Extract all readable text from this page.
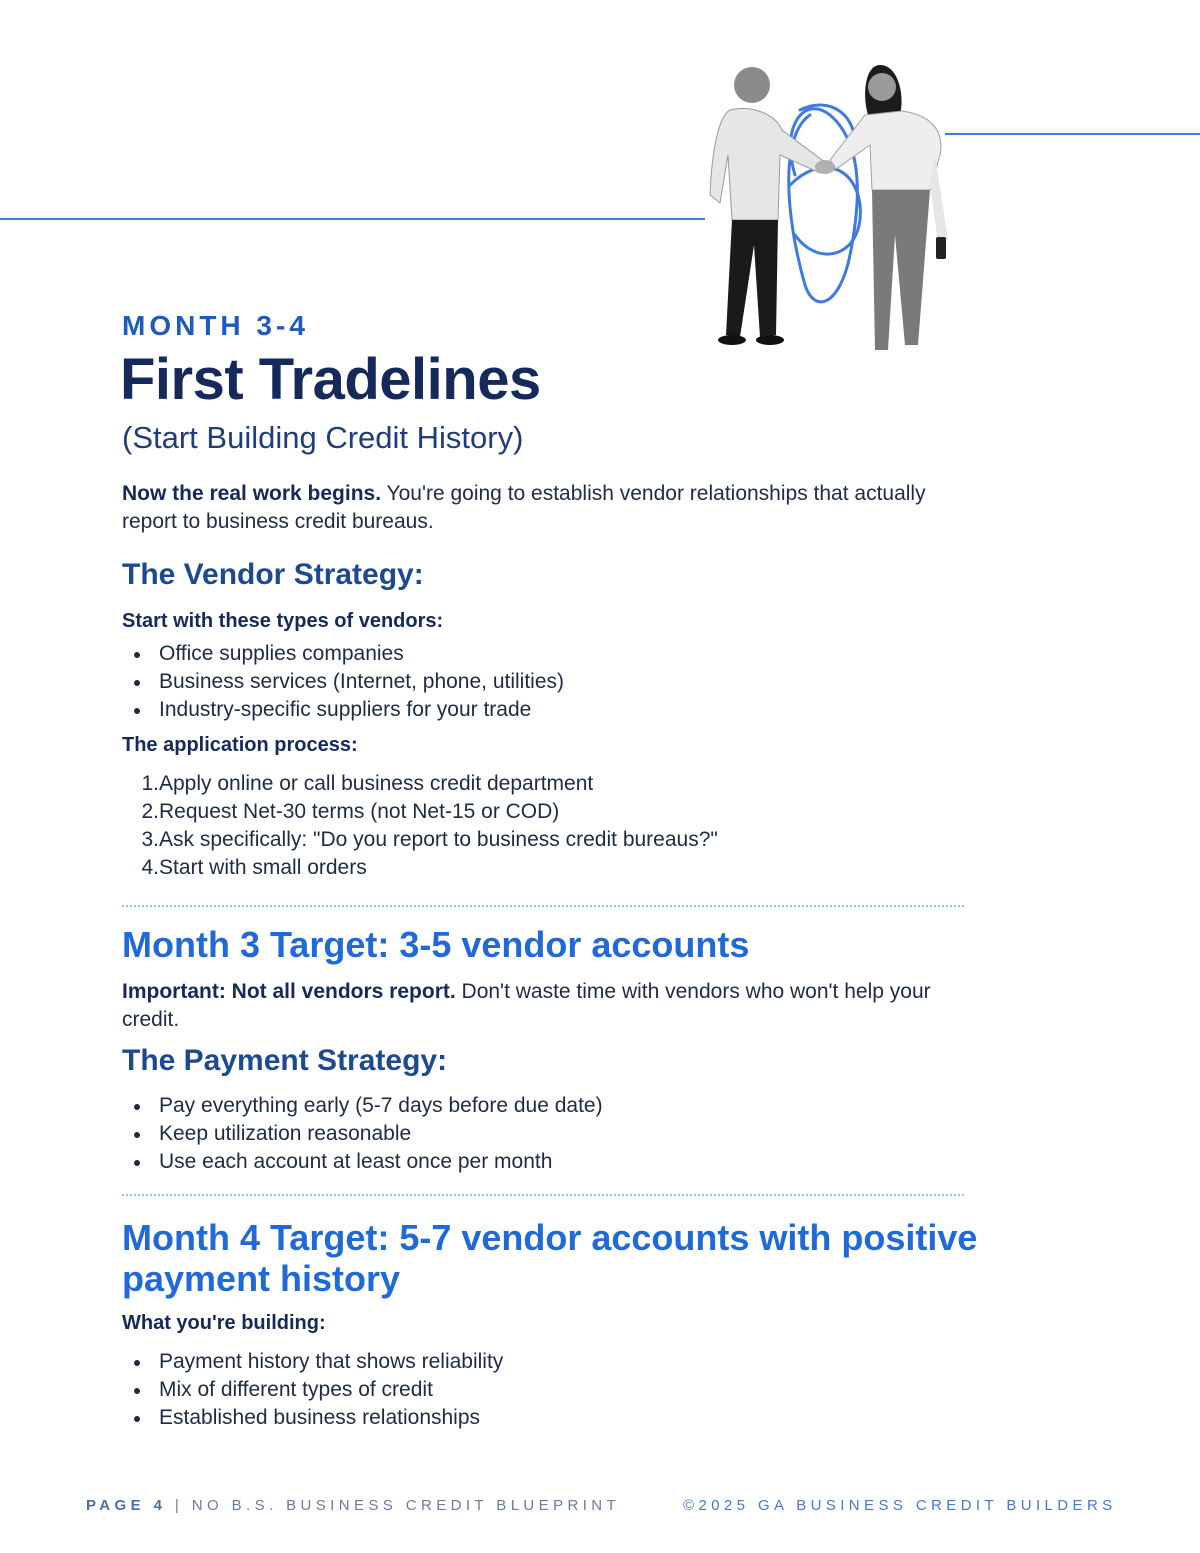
MONTH 3-4

First Tradelines

(Start Building Credit History)

Now the real work begins. You're going to establish vendor relationships that actually report to business credit bureaus.

The Vendor Strategy:
Start with these types of vendors:
Office supplies companies
Business services (Internet, phone, utilities)
Industry-specific suppliers for your trade
The application process:
1. Apply online or call business credit department
2. Request Net-30 terms (not Net-15 or COD)
3. Ask specifically: "Do you report to business credit bureaus?"
4. Start with small orders
Month 3 Target: 3-5 vendor accounts

Important: Not all vendors report. Don't waste time with vendors who won't help your credit.

The Payment Strategy:
Pay everything early (5-7 days before due date)
Keep utilization reasonable
Use each account at least once per month
Month 4 Target: 5-7 vendor accounts with positive payment history
What you're building:
Payment history that shows reliability
Mix of different types of credit
Established business relationships

PAGE 4 | NO B.S. BUSINESS CREDIT BLUEPRINT	©2025 GA BUSINESS CREDIT BUILDERS
